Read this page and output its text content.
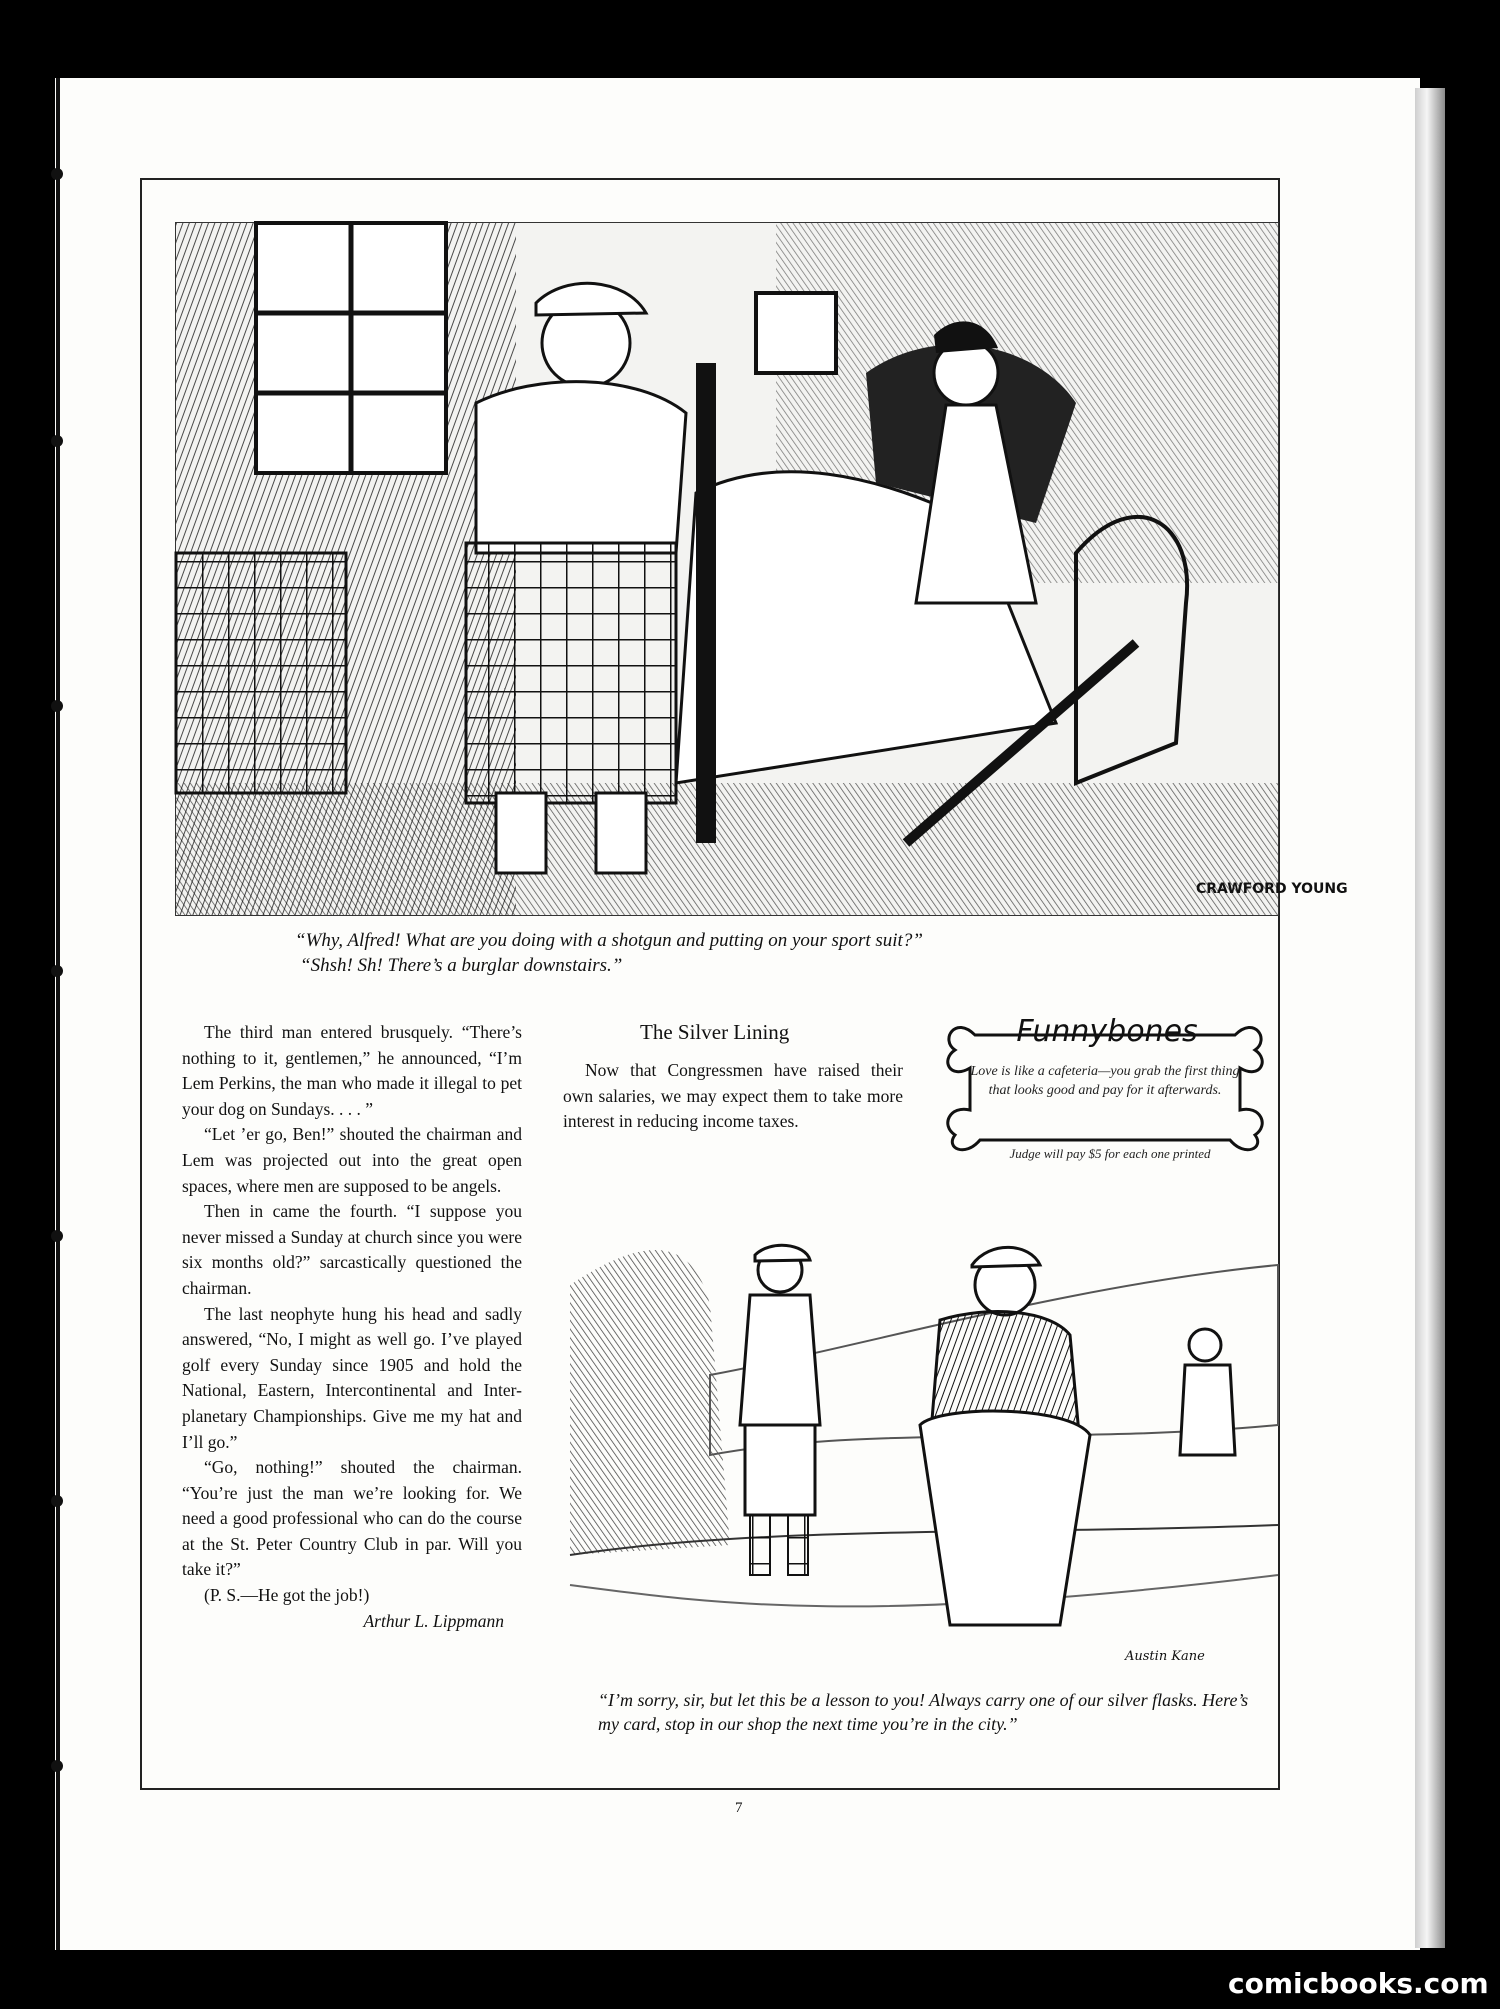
CRAWFORD YOUNG
“Why, Alfred! What are you doing with a shotgun and putting on your sport suit?”
“Shsh! Sh! There’s a burglar downstairs.”

The third man entered brusquely. “There’s nothing to it, gentlemen,” he announced, “I’m Lem Perkins, the man who made it illegal to pet your dog on Sundays. . . . ”

“Let ’er go, Ben!” shouted the chairman and Lem was projected out into the great open spaces, where men are supposed to be angels.

Then in came the fourth. “I suppose you never missed a Sunday at church since you were six months old?” sarcastically questioned the chairman.

The last neophyte hung his head and sadly answered, “No, I might as well go. I’ve played golf every Sunday since 1905 and hold the National, Eastern, Intercontinental and Inter-planetary Championships. Give me my hat and I’ll go.”

“Go, nothing!” shouted the chairman. “You’re just the man we’re looking for. We need a good professional who can do the course at the St. Peter Country Club in par. Will you take it?”

(P. S.—He got the job!)

Arthur L. Lippmann

The Silver Lining

Now that Congressmen have raised their own salaries, we may expect them to take more interest in reducing income taxes.

Funnybones
Love is like a cafeteria—you grab the first thing that looks good and pay for it afterwards.
Judge will pay $5 for each one printed
Austin Kane
“I’m sorry, sir, but let this be a lesson to you! Always carry one of our silver flasks. Here’s my card, stop in our shop the next time you’re in the city.”
7
comicbooks.com
